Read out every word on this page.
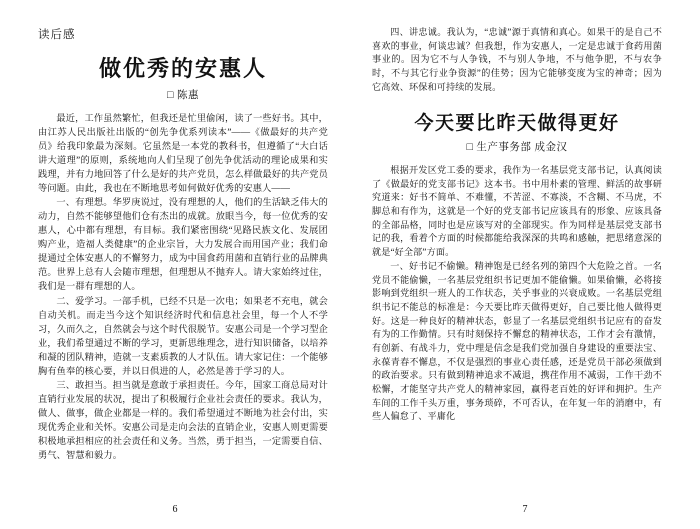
读后感
做优秀的安惠人
□ 陈惠

最近，工作虽然繁忙，但我还是忙里偷闲，读了一些好书。其中，由江苏人民出版社出版的“创先争优系列读本”——《做最好的共产党员》给我印象最为深刻。它虽然是一本党的教科书，但遵循了“大白话讲大道理”的原则，系统地向人们呈现了创先争优活动的理论成果和实践理，并有力地回答了什么是好的共产党员，怎么样做最好的共产党员等问题。由此，我也在不断地思考如何做好优秀的安惠人——

一、有理想。华罗庚说过，没有理想的人，他们的生活缺乏伟大的动力，自然不能够望他们仓有杰出的成就。放眼当今，每一位优秀的安惠人，心中都有理想，有目标。我们紧密围绕“见路民族文化、发展团购产业，造福人类健康”的企业宗旨，大力发展合而用国产业；我们命提通过全体安惠人的不懈努力，成为中国食药用菌和直销行业的品牌典范。世界上总有人会随市理想，但理想从不抛弃人。请大家始终过住，我们是一群有理想的人。

二、爱学习。一部手机，已经不只是一次电；如果老不充电，就会自动关机。而走当今这个知识经济时代和信息社会里，每一个人不学习，久而久之，自然就会与这个时代很脱节。安惠公司是一个学习型企业，我们希望通过不断的学习，更新思维理念，进行知识储备，以培养和凝的团队精神，造就一支素质教的人才队伍。请大家记住：一个能够胸有鱼奉的核心要，并以日倶进的人，必然是善于学习的人。

三、敢担当。担当就是意敢于承担责任。今年，国家工商总局对计直销行业发展的状况，提出了积极履行企业社会责任的要求。我认为，做人、做事，做企业都是一样的。我们希望通过不断地为社会付出，实现优秀企业和关怀。安惠公司是走向会法的直销企业，安惠人则更需要积极地承担相应的社会责任和义务。当然，勇于担当，一定需要自信、勇气、智慧和毅力。

6

四、讲忠诚。我认为，“忠诚”源于真情和真心。如果干的是自己不喜欢的事业，何谈忠诚？但我想，作为安惠人，一定是忠诚于食药用菌事业的。因为它不与人争钱，不与别人争地，不与他争肥，不与农争时，不与其它行业争资源”的佳势；因为它能够变度为宝的神奇；因为它高效、环保和可持续的发展。

今天要比昨天做得更好
□ 生产事务部 成金汉

根据开发区党工委的要求，我作为一名基层党支部书记，认真阅读了《做最好的党支部书记》这本书。书中用朴素的管理、鲜活的故事研究道来：好书不简单、不难懂，不苦涩、不寡淡，不含糊、不马虎，不脚总和有作为，这就是一个好的党支部书记应该具有的形象、应该具备的全部品格，同时也是应该写对的全部现实。作为同样是基层党支部书记的我，看着个方面的时候都能给我深深的共鸣和感触，把思绪意深的就是“好全部”方面。

一、好书记不偷懒。精神饱是已经名列的第四个大危险之首。一名党员不能偷懒，一名基层党组织书记更加不能偷懒。如果偷懒，必将接影响到党组织一班人的工作状态，关乎事业的兴衰成败。一名基层党组织书记不能总的标准是：今天要比昨天做得更好，自己要比他人做得更好。这是一种良好的精神状态，彰显了一名基层党组织书记应有的奋发有为的工作勤情。只有时刻保持不懈怠的精神状态，工作才会有激情，有创新、有战斗力，党中理是信念是我们党加强自身建设的重要法宝、永葆青春不懈息，不仅是强烈的事业心责任感，还是党员干部必须做到的政治要求。只有做到精神追求不减退，携荏作用不减弱，工作干劲不松懈，才能坚守共产党人的精神家园，赢得老百姓的好评和拥护。生产车间的工作千头万重，事务琐碎，不可否认，在年复一年的消磨中，有些人偏怠了、平庸化

7
